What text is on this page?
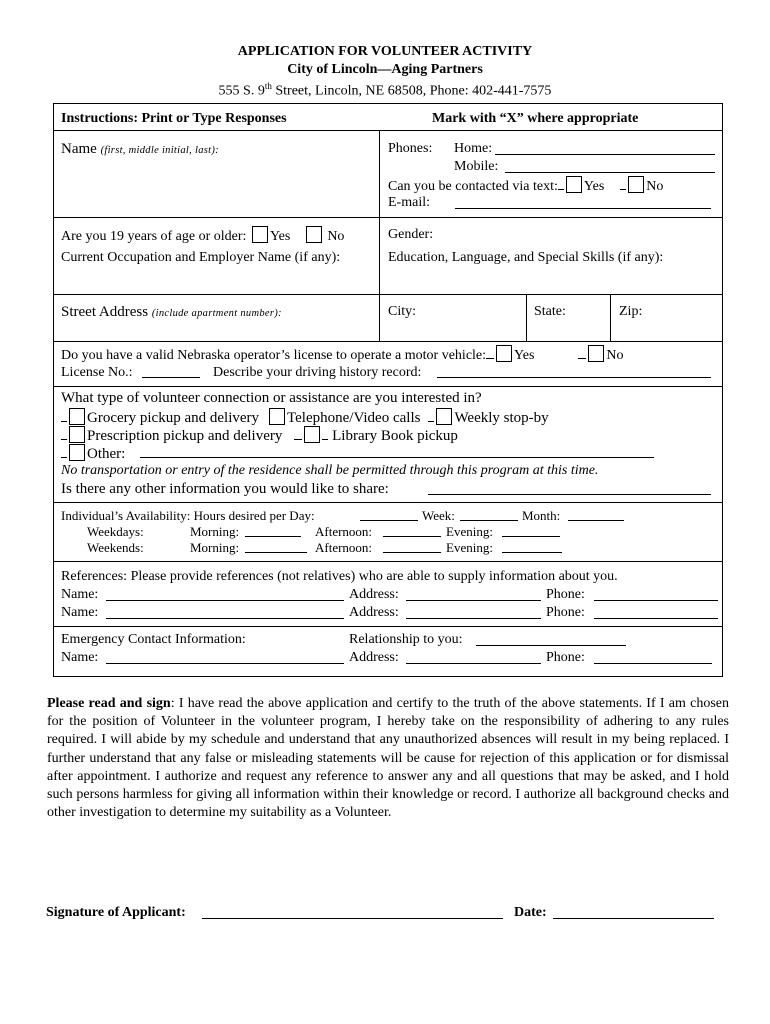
APPLICATION FOR VOLUNTEER ACTIVITY
City of Lincoln—Aging Partners
555 S. 9th Street, Lincoln, NE 68508, Phone: 402-441-7575
Instructions: Print or Type Responses	Mark with “X” where appropriate
Name (first, middle initial, last):	Phones: Home:
Mobile:
Can you be contacted via text: Yes	No
E-mail:
Are you 19 years of age or older: Yes	No	Gender:
Current Occupation and Employer Name (if any):	Education, Language, and Special Skills (if any):
Street Address (include apartment number):	City:	State:	Zip:
Do you have a valid Nebraska operator’s license to operate a motor vehicle: Yes	No
License No.:	Describe your driving history record:
What type of volunteer connection or assistance are you interested in?
Grocery pickup and delivery Telephone/Video calls Weekly stop-by
Prescription pickup and delivery	Library Book pickup
Other:
No transportation or entry of the residence shall be permitted through this program at this time.
Is there any other information you would like to share:
Individual’s Availability: Hours desired per Day:	Week:	Month:
Weekdays:	Morning:	Afternoon:	Evening:
Weekends:	Morning:	Afternoon:	Evening:
References: Please provide references (not relatives) who are able to supply information about you.
Name:	Address:	Phone:
Name:	Address:	Phone:
Emergency Contact Information:	Relationship to you:
Name:	Address:	Phone:
Please read and sign: I have read the above application and certify to the truth of the above statements. If I am chosen for the position of Volunteer in the volunteer program, I hereby take on the responsibility of adhering to any rules required. I will abide by my schedule and understand that any unauthorized absences will result in my being replaced. I further understand that any false or misleading statements will be cause for rejection of this application or for dismissal after appointment. I authorize and request any reference to answer any and all questions that may be asked, and I hold such persons harmless for giving all information within their knowledge or record. I authorize all background checks and other investigation to determine my suitability as a Volunteer.
Signature of Applicant:	Date:
